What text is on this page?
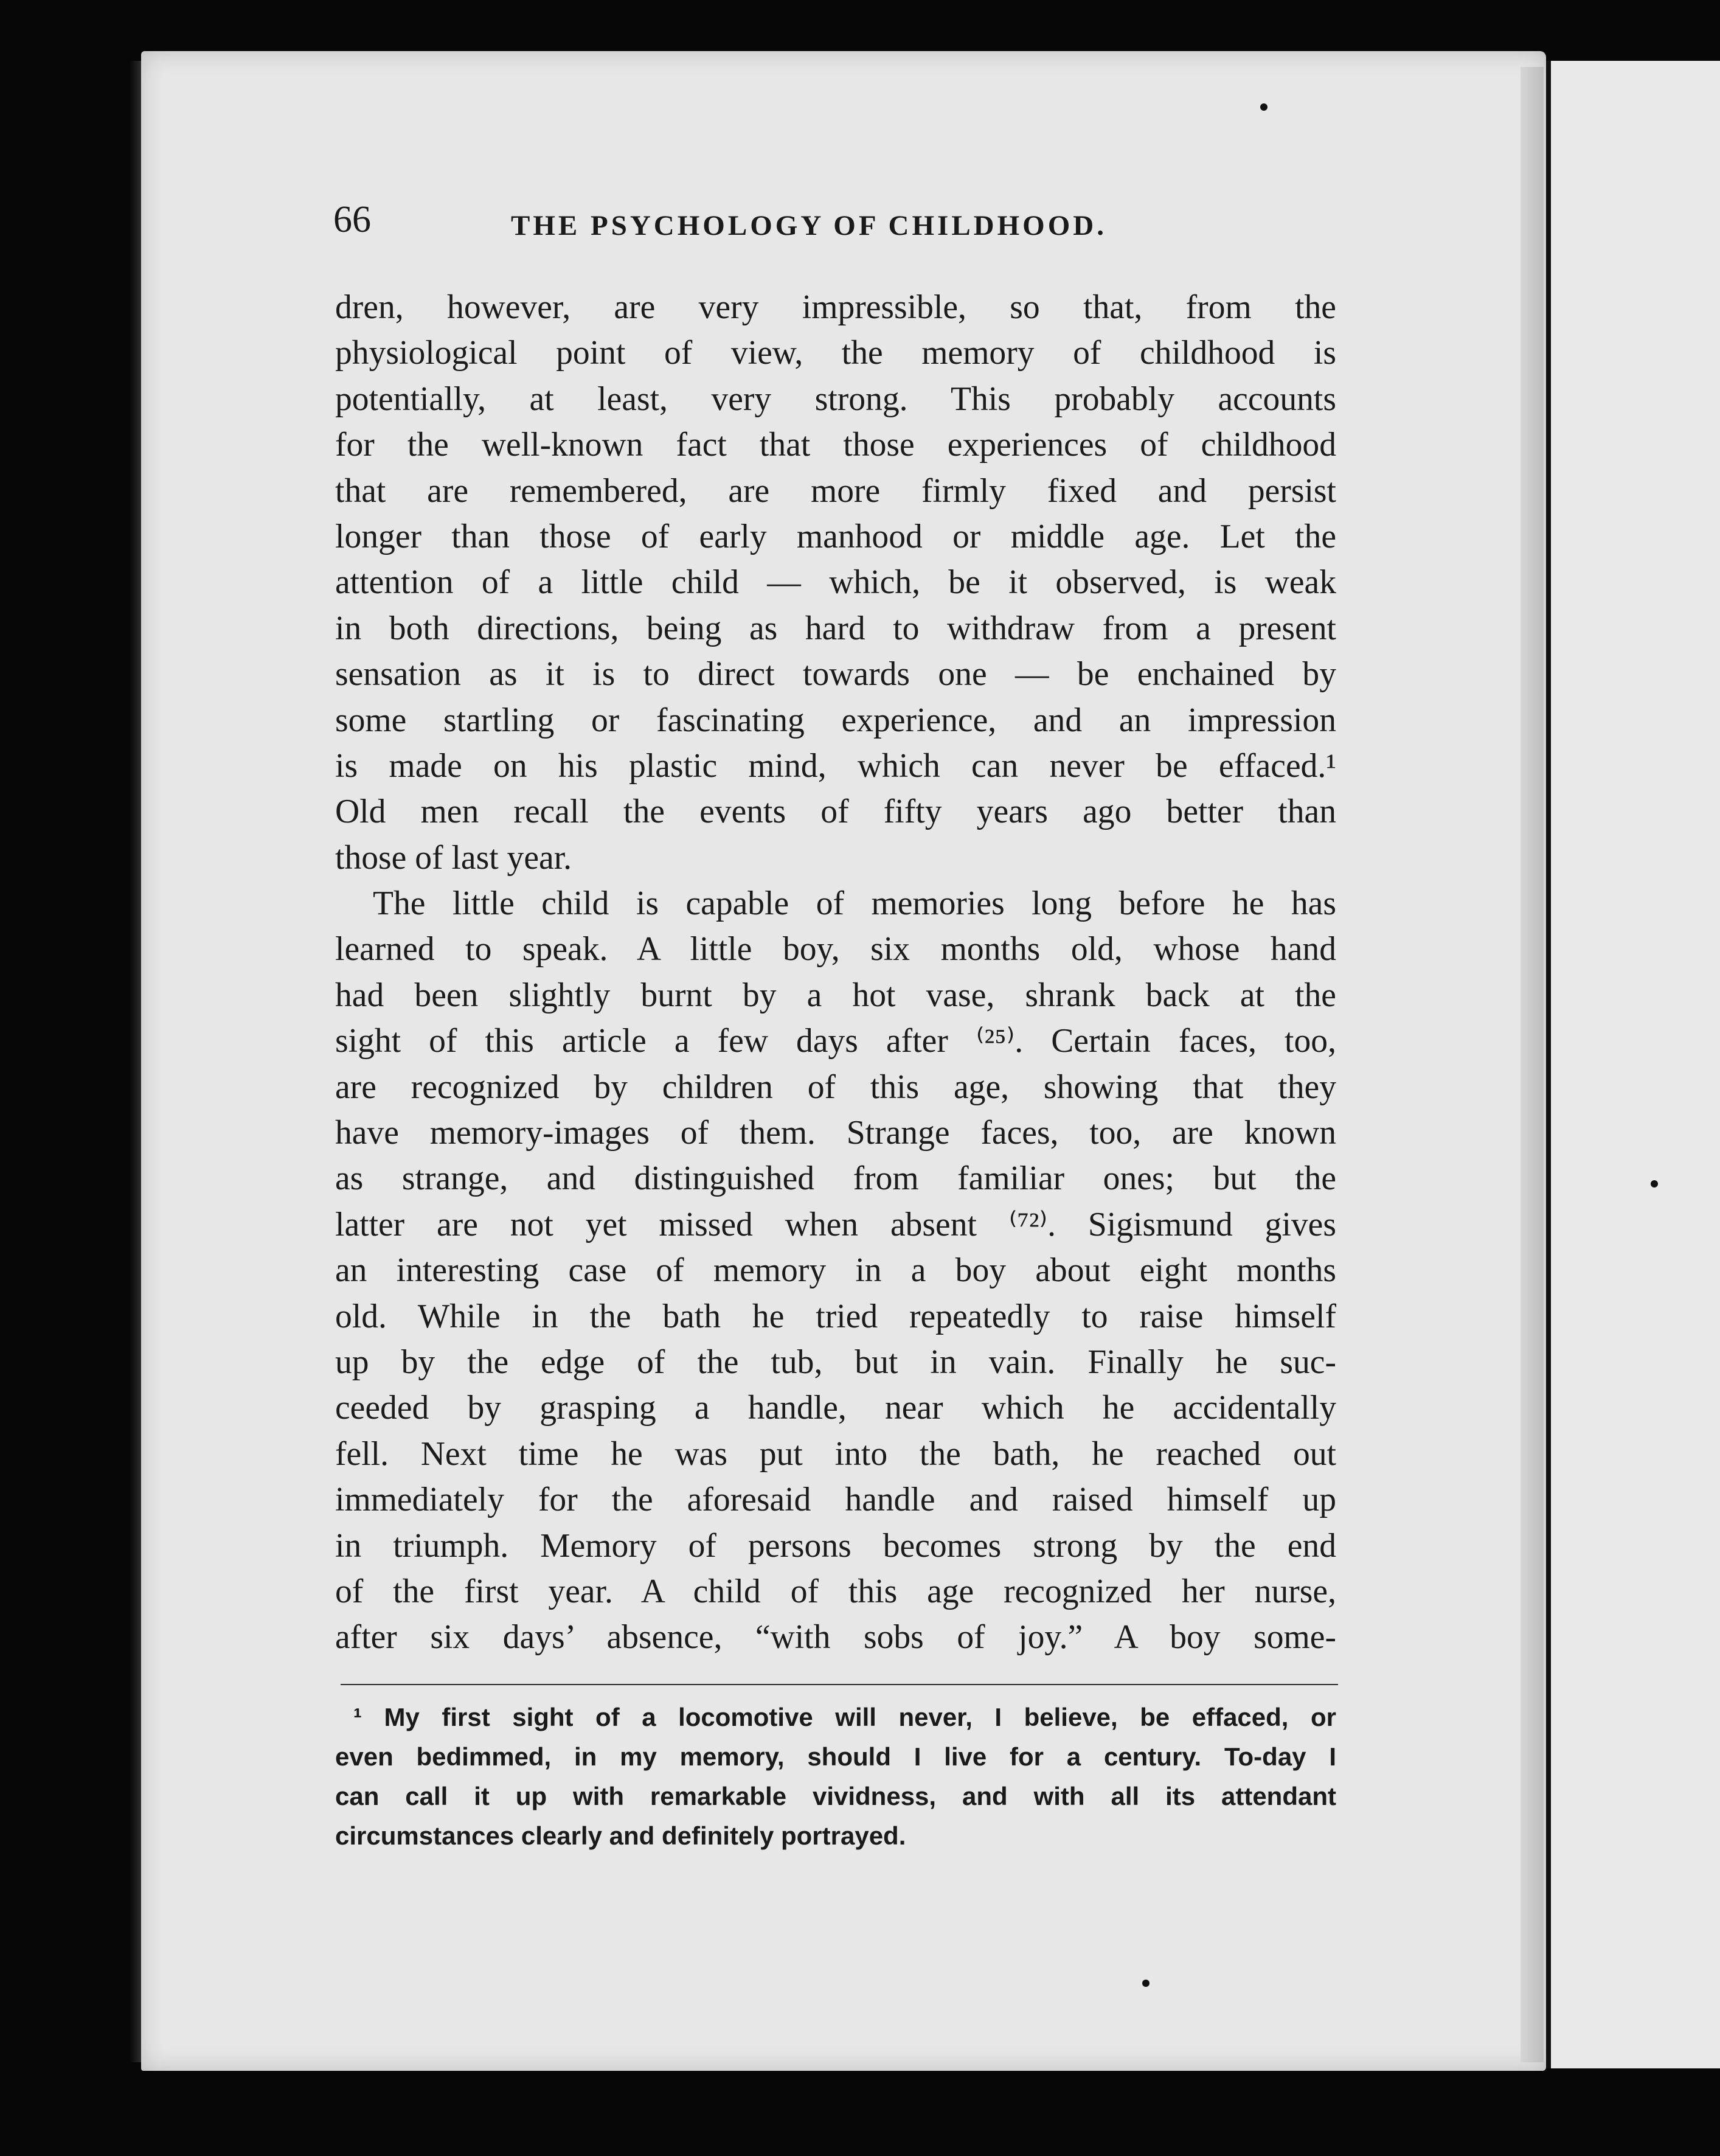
66	THE PSYCHOLOGY OF CHILDHOOD.
dren, however, are very impressible, so that, from the
physiological point of view, the memory of childhood is
potentially, at least, very strong. This probably accounts
for the well-known fact that those experiences of childhood
that are remembered, are more firmly fixed and persist
longer than those of early manhood or middle age. Let the
attention of a little child — which, be it observed, is weak
in both directions, being as hard to withdraw from a present
sensation as it is to direct towards one — be enchained by
some startling or fascinating experience, and an impression
is made on his plastic mind, which can never be effaced.¹
Old men recall the events of fifty years ago better than
those of last year.
The little child is capable of memories long before he has
learned to speak. A little boy, six months old, whose hand
had been slightly burnt by a hot vase, shrank back at the
sight of this article a few days after ⁽²⁵⁾. Certain faces, too,
are recognized by children of this age, showing that they
have memory-images of them. Strange faces, too, are known
as strange, and distinguished from familiar ones; but the
latter are not yet missed when absent ⁽⁷²⁾. Sigismund gives
an interesting case of memory in a boy about eight months
old. While in the bath he tried repeatedly to raise himself
up by the edge of the tub, but in vain. Finally he suc-
ceeded by grasping a handle, near which he accidentally
fell. Next time he was put into the bath, he reached out
immediately for the aforesaid handle and raised himself up
in triumph. Memory of persons becomes strong by the end
of the first year. A child of this age recognized her nurse,
after six days’ absence, “with sobs of joy.” A boy some-
¹ My first sight of a locomotive will never, I believe, be effaced, or
even bedimmed, in my memory, should I live for a century. To-day I
can call it up with remarkable vividness, and with all its attendant
circumstances clearly and definitely portrayed.
